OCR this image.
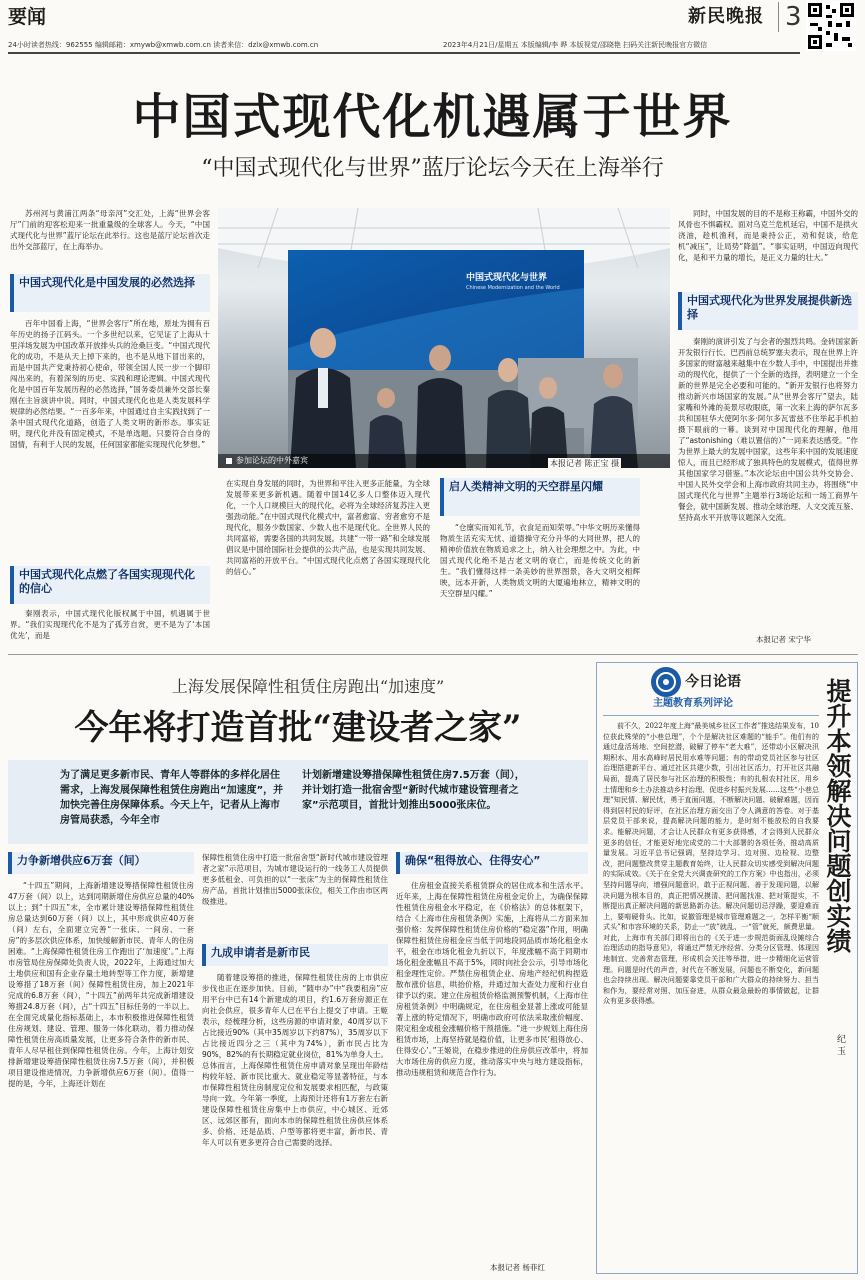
要闻	新民晚报 3
24小时读者热线：962555 编辑邮箱：xmywb@xmwb.com.cn 读者来信：dzlx@xmwb.com.cn	2023年4月21日/星期五 本版编辑/李 晔 本版视觉/邵晓艳 扫码关注新民晚报官方微信
中国式现代化机遇属于世界
“中国式现代化与世界”蓝厅论坛今天在上海举行
苏州河与黄浦江两条“母亲河”交汇处，上海“世界会客厅”门前的迎客松迎来一批重量级的全球客人。今天，“中国式现代化与世界”蓝厅论坛在此举行。这也是蓝厅论坛首次走出外交部蓝厅，在上海举办。
中国式现代化是中国发展的必然选择
百年中国看上海，“世界会客厅”所在地，原址为拥有百年历史的扬子江码头。一个多世纪以来，它见证了上海从十里洋场发展为中国改革开放排头兵的沧桑巨变。“中国式现代化的成功，不是从天上掉下来的，也不是从地下冒出来的，而是中国共产党秉持初心使命，带领全国人民一步一个脚印闯出来的，有着深刻的历史、实践和理论逻辑。中国式现代化是中国百年发展历程的必然选择，”国务委员兼外交部长秦刚在主旨演讲中说。同时，中国式现代化也是人类发展科学规律的必然结果。“一百多年来，中国通过自主实践找到了一条中国式现代化道路，创造了人类文明的新形态。事实证明，现代化并没有固定模式，不是单选题。只要符合自身的国情，有利于人民的发展，任何国家都能实现现代化梦想。”
中国式现代化点燃了各国实现现代化的信心
秦刚表示，中国式现代化版权属于中国，机遇属于世界。“我们实现现代化不是为了孤芳自赏，更不是为了‘本国优先’，而是
中国式现代化与世界
Chinese Modernization and the World
参加论坛的中外嘉宾	本报记者 陈正宝 摄
在实现自身发展的同时，为世界和平注入更多正能量，为全球发展带来更多新机遇。随着中国14亿多人口整体迈入现代化，一个人口规模巨大的现代化，必将为全球经济复苏注入更强劲动能。”在中国式现代化模式中，富者愈富、穷者愈穷不是现代化，服务少数国家、少数人也不是现代化。全世界人民的共同富裕，需要各国的共同发展。共建“一带一路”和全球发展倡议是中国给国际社会提供的公共产品，也是实现共同发展、共同富裕的开放平台。“中国式现代化点燃了各国实现现代化的信心。”
启人类精神文明的天空群星闪耀
“仓廪实而知礼节，衣食足而知荣辱。”中华文明历来懂得物质生活充实无忧、道德操守充分升华的大同世界，把人的精神价值放在物质追求之上，纳入社会理想之中。为此，中国式现代化绝不是古老文明的衰亡，而是传统文化的新生。“我们懂得这样一条美妙的世界图景，各大文明交相辉映，远本开新，人类物质文明的大厦遍地林立，精神文明的天空群星闪耀。”
同时，中国发展的目的不是称王称霸，中国外交的风骨也不惧霸权。面对乌克兰危机延宕，中国不是拱火浇油，趁机渔利，而是秉持公正，劝和促谈，给危机“减压”，让局势“降温”。“事实证明，中国迈向现代化，是和平力量的增长，是正义力量的壮大。”
中国式现代化为世界发展提供新选择
秦刚的演讲引发了与会者的强烈共鸣。金砖国家新开发银行行长、巴西前总统罗塞夫表示，现在世界上许多国家的财富越来越集中在少数人手中，中国提出并推动的现代化，提供了一个全新的选择，表明建立一个全新的世界是完全必要和可能的。“新开发银行也将努力推动新兴市场国家的发展。”从“世界会客厅”望去，陆家嘴和外滩的美景尽收眼底，第一次来上海的萨尔瓦多共和国驻华大使阿尔多·阿尔多瓦雷兹不住举起手机拍摄下眼前的一幕。谈到对中国现代化的理解，他用了“astonishing（难以置信的）”一词来表达感受。“作为世界上最大的发展中国家，这些年来中国的发展速度惊人，而且已经形成了独具特色的发展模式，值得世界其他国家学习借鉴。”本次论坛由中国公共外交协会、中国人民外交学会和上海市政府共同主办，将围绕“中国式现代化与世界”主题举行3场论坛和一场工商界午餐会，就中国新发展、推动全球治理、人文交流互鉴、坚持高水平开放等议题深入交流。
本报记者 宋宁华
上海发展保障性租赁住房跑出“加速度”
今年将打造首批“建设者之家”
为了满足更多新市民、青年人等群体的多样化居住需求，上海发展保障性租赁住房跑出“加速度”，并加快完善住房保障体系。今天上午，记者从上海市房管局获悉，今年全市
计划新增建设筹措保障性租赁住房7.5万套（间），并计划打造一批宿舍型“新时代城市建设管理者之家”示范项目，首批计划推出5000张床位。
力争新增供应6万套（间）
“十四五”期间，上海新增建设筹措保障性租赁住房47万套（间）以上，达到同期新增住房供应总量的40%以上；到“十四五”末，全市累计建设筹措保障性租赁住房总量达到60万套（间）以上，其中形成供应40万套（间）左右，全面建立完善“一张床、一间房、一套房”的多层次供应体系，加快缓解新市民、青年人的住房困难。“上海保障性租赁住房工作跑出了‘加速度’。”上海市房管局住房保障处负责人说，2022年，上海通过加大土地供应和国有企业存量土地转型等工作力度，新增建设筹措了18万套（间）保障性租赁住房，加上2021年完成的6.8万套（间），“十四五”前两年共完成新增建设筹措24.8万套（间），占“十四五”目标任务的一半以上。在全面完成量化指标基础上，本市积极推进保障性租赁住房规划、建设、管理、服务一体化联动，着力推动保障性租赁住房高质量发展，让更多符合条件的新市民、青年人尽早租住到保障性租赁住房。今年，上海计划安排新增建设筹措保障性租赁住房7.5万套（间），并积极项目建设推进情况，力争新增供应6万套（间）。值得一提的是，今年，上海还计划在
保障性租赁住房中打造一批宿舍型“新时代城市建设管理者之家”示范项目，为城市建设运行的一线务工人员提供更多低租金、可负担的以“一张床”为主的保障性租赁住房产品，首批计划推出5000张床位，相关工作由市区两级推进。
九成申请者是新市民
随着建设筹措的推进，保障性租赁住房的上市供应步伐也正在逐步加快。目前，“随申办”中“我要租房”应用平台中已有14个新建成的项目，约1.6万套房源正在向社会供应，很多青年人已在平台上提交了申请。王姬表示，经梳理分析，这些房源的申请对象，40周岁以下占比接近90%（其中35周岁以下约87%），35周岁以下占比接近四分之三（其中为74%），新市民占比为90%，82%的有长期稳定就业岗位，81%为单身人士。总体而言，上海保障性租赁住房申请对象呈现出年龄结构较年轻、新市民比重大、就业稳定等显著特征，与本市保障性租赁住房制度定位和发展要求相匹配，与政策导向一致。今年第一季度，上海预计还将有1万套左右新建设保障性租赁住房集中上市供应，中心城区、近郊区、远郊区都有，面向本市的保障性租赁住房供应体系多、价格、还是品质、户型等都将更丰富，新市民、青年人可以有更多更符合自己需要的选择。
确保“租得放心、住得安心”
住房租金直接关系租赁群众的居住成本和生活水平。近年来，上海在保障性租赁住房租金定价上，为确保保障性租赁住房租金水平稳定，在《价格法》的总体框架下，结合《上海市住房租赁条例》实施，上海将从二方面来加强价格：发挥保障性租赁住房价格的“稳定器”作用，明确保障性租赁住房租金应当低于同地段同品质市场化租金水平，租金在市场化租金九折以下，年度涨幅不高于同期市场化租金涨幅且不高于5%，同时向社会公示，引导市场化租金理性定价。严禁住房租赁企业、房地产经纪机构捏造散布涨价信息，哄抬价格，并通过加大查处力度和行业自律予以约束。建立住房租赁价格监测预警机制，《上海市住房租赁条例》中明确规定，在住房租金显著上涨或可能显著上涨的特定情况下，明确市政府可依法采取涨价幅度、限定租金或租金涨幅价格干预措施。“进一步规划上海住房租赁市场，上海坚持就是稳价值，让更多市民‘租得放心、住得安心’。”王姬说，在稳步推进的住房供应改革中，将加大市场住房的供应力度，推动落实中央与地方建设指标，推动违规租赁和规范合作行为。
本报记者 杨菲红
今日论语
主题教育系列评论
前不久，2022年度上海“最美城乡社区工作者”推选结果发布，10位获此殊荣的“小巷总理”，个个是解决社区难题的“能手”。他们有的通过盘活场地、空间挖潜，破解了停车“老大难”，还带动小区解决汛期积水、用水高峰时居民用水难等问题；有的带动党员社区参与社区治理搭建新平台、通过社区共建少数，引出社区活力，打开社区共融局面，提高了居民参与社区治理的积极性；有的扎根农村社区，用乡土情理和乡土办法推动乡村治理、促进乡村振兴发展……这些“小巷总理”知民情、解民忧，勇于直面问题，不断解决问题、破解难题，因而得到居村民的好评，在社区治理方面交出了令人满意的答卷。对于基层党员干部来说，提高解决问题的能力，是时刻不能放松的自我要求。能解决问题，才会让人民群众有更多获得感，才会得到人民群众更多的信任，才能更好地完成党的二十大部署的各项任务，推动高质量发展。习近平总书记强调，坚持边学习、边对照、边检视、边整改，把问题整改贯穿主题教育始终，让人民群众切实感受到解决问题的实际成效。《关于在全党大兴调查研究的工作方案》中也指出，必须坚持问题导向，增强问题意识，敢于正视问题、善于发现问题，以解决问题为根本目的，真正把情况摸清、把问题找准、把对策提实，不断提出真正解决问题的新思路新办法。解决问题切忌浮躁，要迎难而上，要啃硬骨头。比如，说撤管理是城市管理难题之一，怎样平衡“顺式头”和市容环境的关系，防止一“放”就乱、一“管”就死，颇费思量。对此，上海市有关部门即将出台的《关于进一步规范街面乱设摊综合治理活动的指导意见》，将通过严禁无序经营、分类分区管理、体现因地制宜、完善常态管理，形成机会关注等举措，进一步精细化运营管理。问题是时代的声音，时代在不断发展，问题也不断变化，新问题也会持续出现。解决问题要靠党员干部和广大群众的持续努力、担当和作为，要经常对照、加压奋进，从群众最急最盼的事情做起，让群众有更多获得感。
提升本领解决问题创实绩
纪 玉
